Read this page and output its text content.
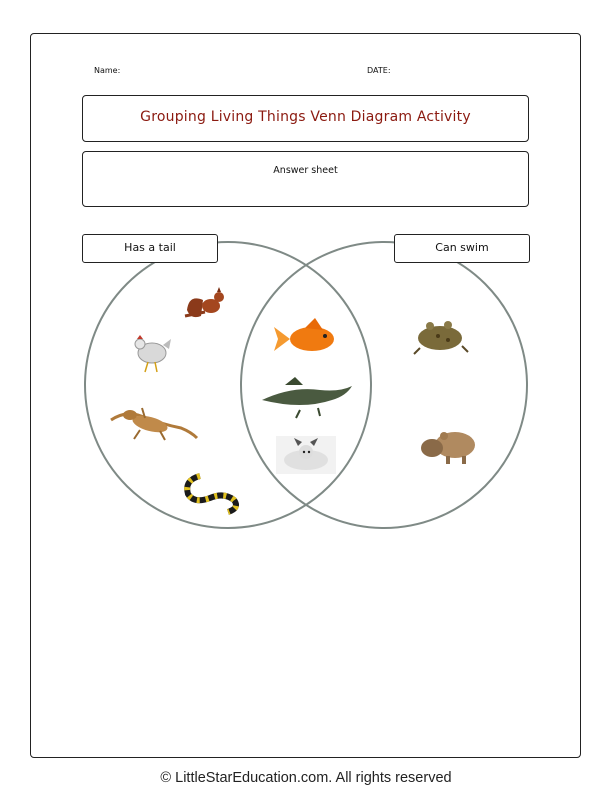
Name:	DATE:
Grouping Living Things Venn Diagram Activity
Answer sheet
Has a tail	Can swim
© LittleStarEducation.com. All rights reserved
